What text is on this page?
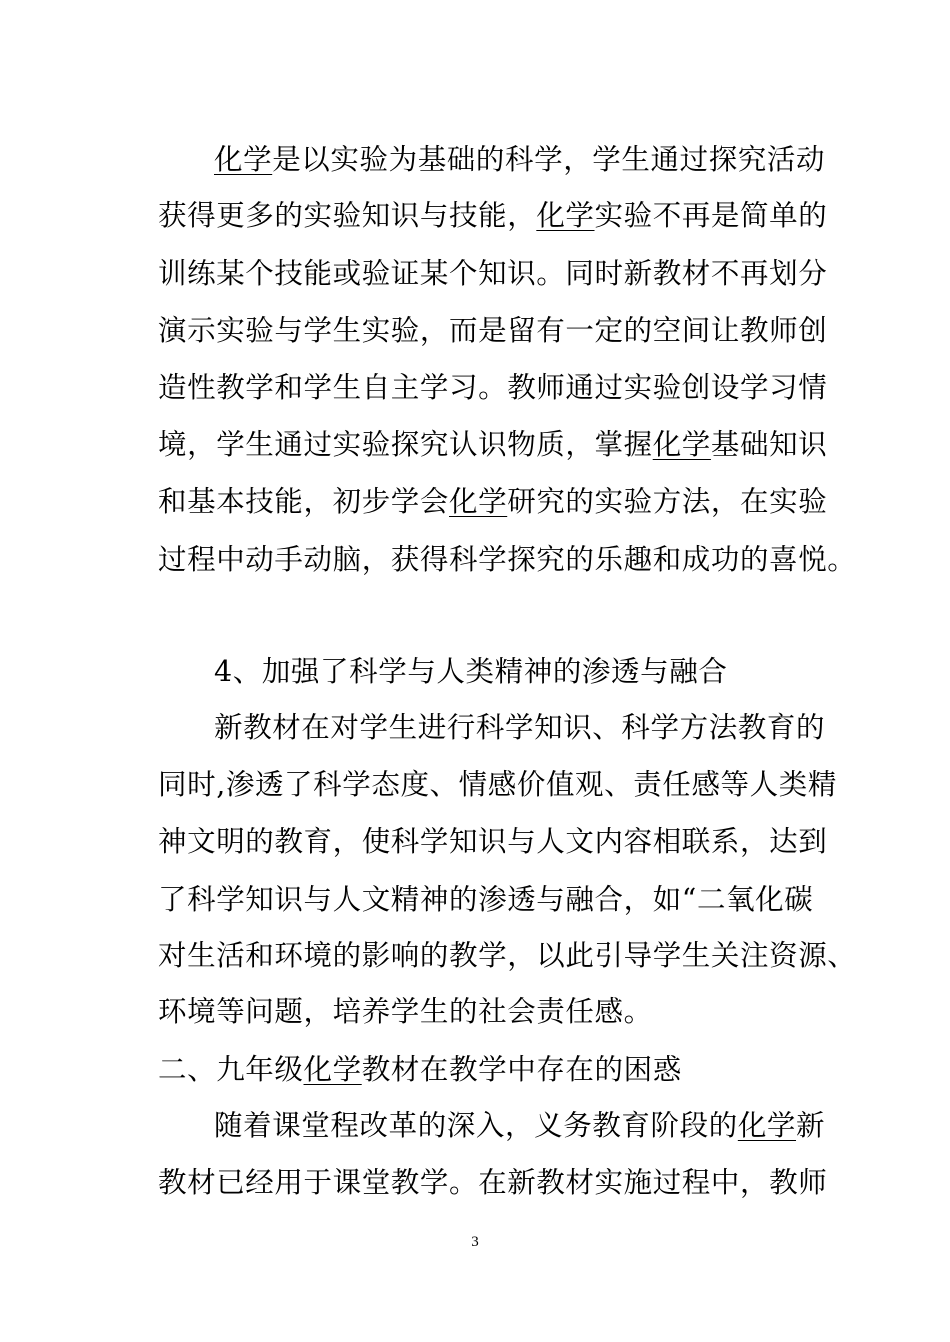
化学是以实验为基础的科学，学生通过探究活动
获得更多的实验知识与技能，化学实验不再是简单的
训练某个技能或验证某个知识。同时新教材不再划分
演示实验与学生实验，而是留有一定的空间让教师创
造性教学和学生自主学习。教师通过实验创设学习情
境，学生通过实验探究认识物质，掌握化学基础知识
和基本技能，初步学会化学研究的实验方法，在实验
过程中动手动脑，获得科学探究的乐趣和成功的喜悦。
4、加强了科学与人类精神的渗透与融合
新教材在对学生进行科学知识、科学方法教育的
同时,渗透了科学态度、情感价值观、责任感等人类精
神文明的教育，使科学知识与人文内容相联系，达到
了科学知识与人文精神的渗透与融合，如“二氧化碳
对生活和环境的影响的教学，以此引导学生关注资源、
环境等问题，培养学生的社会责任感。
二、九年级化学教材在教学中存在的困惑
随着课堂程改革的深入，义务教育阶段的化学新
教材已经用于课堂教学。在新教材实施过程中，教师
3
